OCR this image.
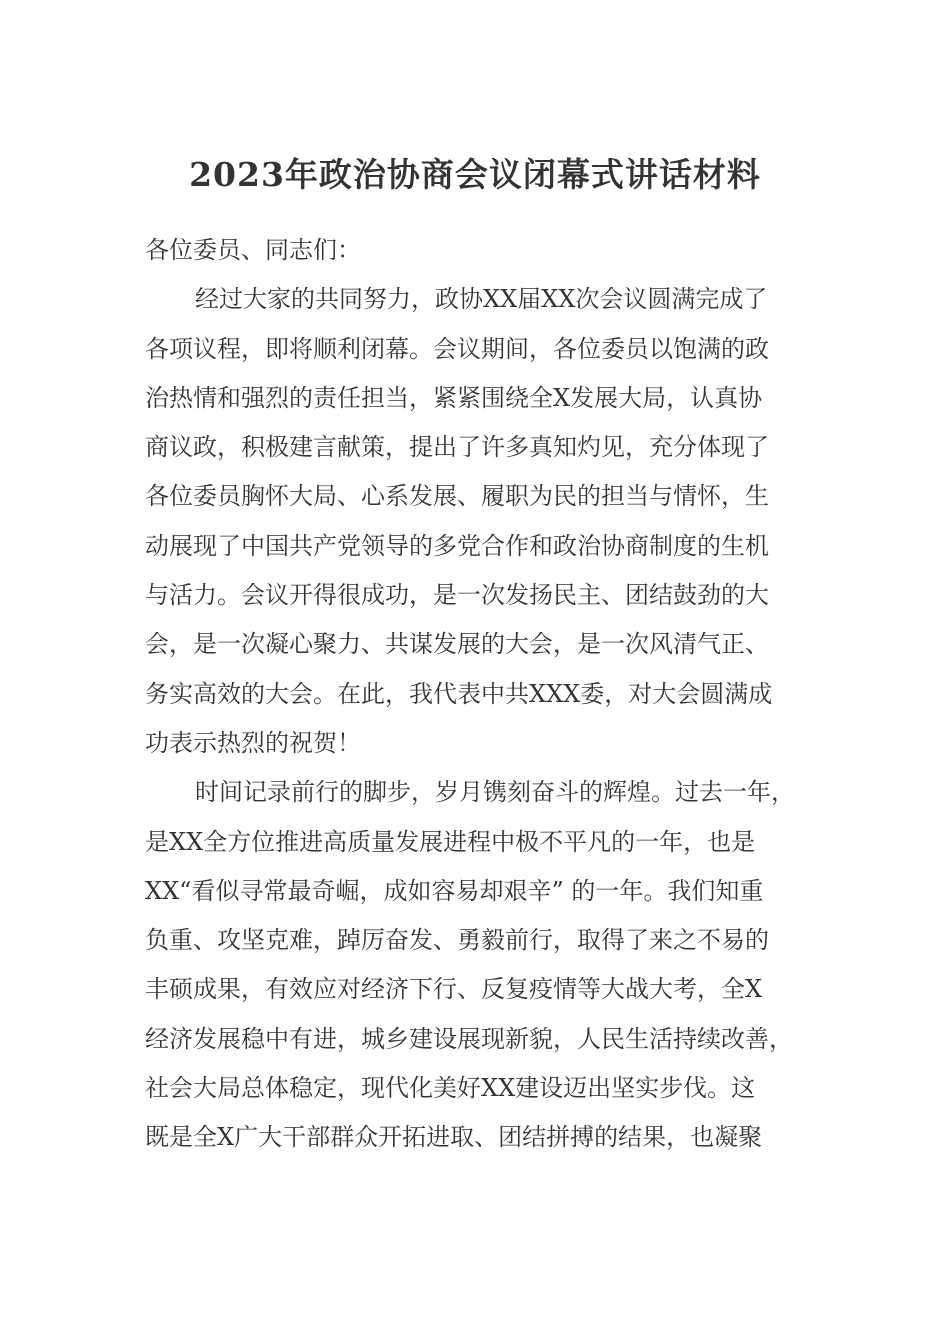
2023年政治协商会议闭幕式讲话材料
各位委员、同志们：
经过大家的共同努力，政协XX届XX次会议圆满完成了
各项议程，即将顺利闭幕。会议期间，各位委员以饱满的政
治热情和强烈的责任担当，紧紧围绕全X发展大局，认真协
商议政，积极建言献策，提出了许多真知灼见，充分体现了
各位委员胸怀大局、心系发展、履职为民的担当与情怀，生
动展现了中国共产党领导的多党合作和政治协商制度的生机
与活力。会议开得很成功，是一次发扬民主、团结鼓劲的大
会，是一次凝心聚力、共谋发展的大会，是一次风清气正、
务实高效的大会。在此，我代表中共XXX委，对大会圆满成
功表示热烈的祝贺！
时间记录前行的脚步，岁月镌刻奋斗的辉煌。过去一年，
是XX全方位推进高质量发展进程中极不平凡的一年，也是
XX“看似寻常最奇崛，成如容易却艰辛” 的一年。我们知重
负重、攻坚克难，踔厉奋发、勇毅前行，取得了来之不易的
丰硕成果，有效应对经济下行、反复疫情等大战大考，全X
经济发展稳中有进，城乡建设展现新貌，人民生活持续改善，
社会大局总体稳定，现代化美好XX建设迈出坚实步伐。这
既是全X广大干部群众开拓进取、团结拼搏的结果，也凝聚
